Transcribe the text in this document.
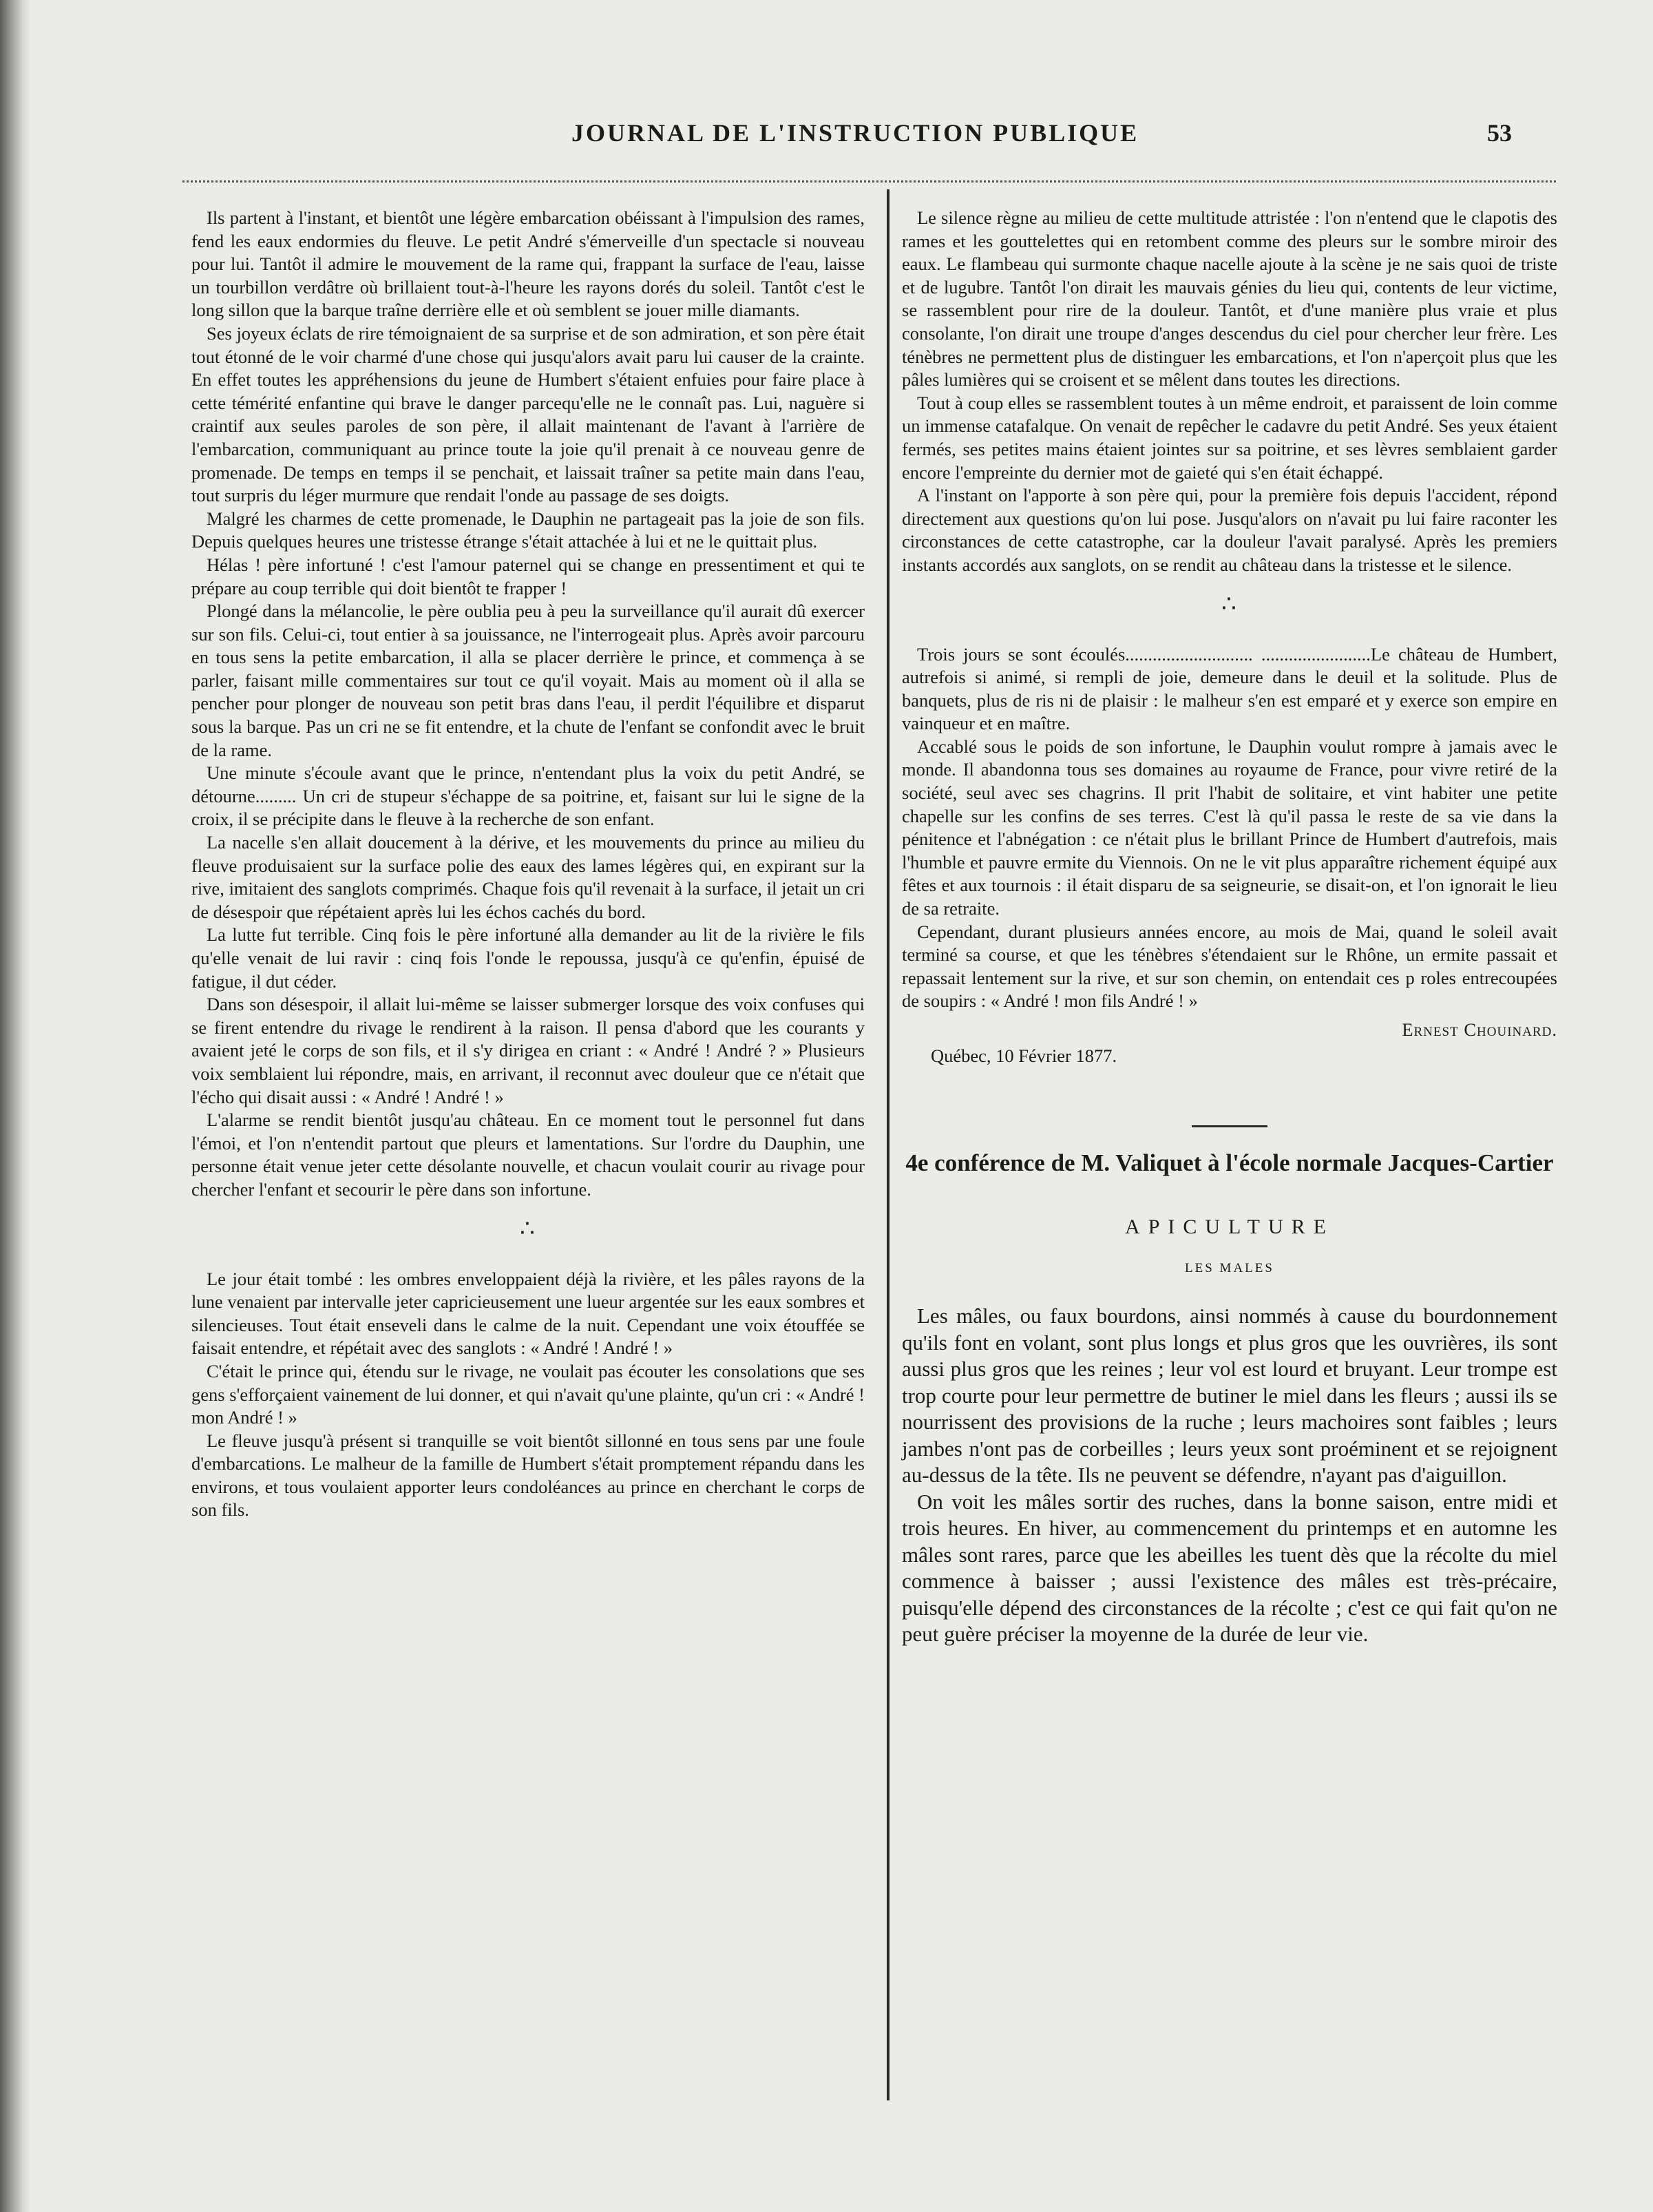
JOURNAL DE L'INSTRUCTION PUBLIQUE	53

Ils partent à l'instant, et bientôt une légère embarcation obéissant à l'impulsion des rames, fend les eaux endormies du fleuve. Le petit André s'émerveille d'un spectacle si nouveau pour lui. Tantôt il admire le mouvement de la rame qui, frappant la surface de l'eau, laisse un tourbillon verdâtre où brillaient tout-à-l'heure les rayons dorés du soleil. Tantôt c'est le long sillon que la barque traîne derrière elle et où semblent se jouer mille diamants.

Ses joyeux éclats de rire témoignaient de sa surprise et de son admiration, et son père était tout étonné de le voir charmé d'une chose qui jusqu'alors avait paru lui causer de la crainte. En effet toutes les appréhensions du jeune de Humbert s'étaient enfuies pour faire place à cette témérité enfantine qui brave le danger parcequ'elle ne le connaît pas. Lui, naguère si craintif aux seules paroles de son père, il allait maintenant de l'avant à l'arrière de l'embarcation, communiquant au prince toute la joie qu'il prenait à ce nouveau genre de promenade. De temps en temps il se penchait, et laissait traîner sa petite main dans l'eau, tout surpris du léger murmure que rendait l'onde au passage de ses doigts.

Malgré les charmes de cette promenade, le Dauphin ne partageait pas la joie de son fils. Depuis quelques heures une tristesse étrange s'était attachée à lui et ne le quittait plus.

Hélas ! père infortuné ! c'est l'amour paternel qui se change en pressentiment et qui te prépare au coup terrible qui doit bientôt te frapper !

Plongé dans la mélancolie, le père oublia peu à peu la surveillance qu'il aurait dû exercer sur son fils. Celui-ci, tout entier à sa jouissance, ne l'interrogeait plus. Après avoir parcouru en tous sens la petite embarcation, il alla se placer derrière le prince, et commença à se parler, faisant mille commentaires sur tout ce qu'il voyait. Mais au moment où il alla se pencher pour plonger de nouveau son petit bras dans l'eau, il perdit l'équilibre et disparut sous la barque. Pas un cri ne se fit entendre, et la chute de l'enfant se confondit avec le bruit de la rame.

Une minute s'écoule avant que le prince, n'entendant plus la voix du petit André, se détourne......... Un cri de stupeur s'échappe de sa poitrine, et, faisant sur lui le signe de la croix, il se précipite dans le fleuve à la recherche de son enfant.

La nacelle s'en allait doucement à la dérive, et les mouvements du prince au milieu du fleuve produisaient sur la surface polie des eaux des lames légères qui, en expirant sur la rive, imitaient des sanglots comprimés. Chaque fois qu'il revenait à la surface, il jetait un cri de désespoir que répétaient après lui les échos cachés du bord.

La lutte fut terrible. Cinq fois le père infortuné alla demander au lit de la rivière le fils qu'elle venait de lui ravir : cinq fois l'onde le repoussa, jusqu'à ce qu'enfin, épuisé de fatigue, il dut céder.

Dans son désespoir, il allait lui-même se laisser submerger lorsque des voix confuses qui se firent entendre du rivage le rendirent à la raison. Il pensa d'abord que les courants y avaient jeté le corps de son fils, et il s'y dirigea en criant : « André ! André ? » Plusieurs voix semblaient lui répondre, mais, en arrivant, il reconnut avec douleur que ce n'était que l'écho qui disait aussi : « André ! André ! »

L'alarme se rendit bientôt jusqu'au château. En ce moment tout le personnel fut dans l'émoi, et l'on n'entendit partout que pleurs et lamentations. Sur l'ordre du Dauphin, une personne était venue jeter cette désolante nouvelle, et chacun voulait courir au rivage pour chercher l'enfant et secourir le père dans son infortune.

∴

Le jour était tombé : les ombres enveloppaient déjà la rivière, et les pâles rayons de la lune venaient par intervalle jeter capricieusement une lueur argentée sur les eaux sombres et silencieuses. Tout était enseveli dans le calme de la nuit. Cependant une voix étouffée se faisait entendre, et répétait avec des sanglots : « André ! André ! »

C'était le prince qui, étendu sur le rivage, ne voulait pas écouter les consolations que ses gens s'efforçaient vainement de lui donner, et qui n'avait qu'une plainte, qu'un cri : « André ! mon André ! »

Le fleuve jusqu'à présent si tranquille se voit bientôt sillonné en tous sens par une foule d'embarcations. Le malheur de la famille de Humbert s'était promptement répandu dans les environs, et tous voulaient apporter leurs condoléances au prince en cherchant le corps de son fils.

Le silence règne au milieu de cette multitude attristée : l'on n'entend que le clapotis des rames et les gouttelettes qui en retombent comme des pleurs sur le sombre miroir des eaux. Le flambeau qui surmonte chaque nacelle ajoute à la scène je ne sais quoi de triste et de lugubre. Tantôt l'on dirait les mauvais génies du lieu qui, contents de leur victime, se rassemblent pour rire de la douleur. Tantôt, et d'une manière plus vraie et plus consolante, l'on dirait une troupe d'anges descendus du ciel pour chercher leur frère. Les ténèbres ne permettent plus de distinguer les embarcations, et l'on n'aperçoit plus que les pâles lumières qui se croisent et se mêlent dans toutes les directions.

Tout à coup elles se rassemblent toutes à un même endroit, et paraissent de loin comme un immense catafalque. On venait de repêcher le cadavre du petit André. Ses yeux étaient fermés, ses petites mains étaient jointes sur sa poitrine, et ses lèvres semblaient garder encore l'empreinte du dernier mot de gaieté qui s'en était échappé.

A l'instant on l'apporte à son père qui, pour la première fois depuis l'accident, répond directement aux questions qu'on lui pose. Jusqu'alors on n'avait pu lui faire raconter les circonstances de cette catastrophe, car la douleur l'avait paralysé. Après les premiers instants accordés aux sanglots, on se rendit au château dans la tristesse et le silence.

∴

Trois jours se sont écoulés............................ ........................Le château de Humbert, autrefois si animé, si rempli de joie, demeure dans le deuil et la solitude. Plus de banquets, plus de ris ni de plaisir : le malheur s'en est emparé et y exerce son empire en vainqueur et en maître.

Accablé sous le poids de son infortune, le Dauphin voulut rompre à jamais avec le monde. Il abandonna tous ses domaines au royaume de France, pour vivre retiré de la société, seul avec ses chagrins. Il prit l'habit de solitaire, et vint habiter une petite chapelle sur les confins de ses terres. C'est là qu'il passa le reste de sa vie dans la pénitence et l'abnégation : ce n'était plus le brillant Prince de Humbert d'autrefois, mais l'humble et pauvre ermite du Viennois. On ne le vit plus apparaître richement équipé aux fêtes et aux tournois : il était disparu de sa seigneurie, se disait-on, et l'on ignorait le lieu de sa retraite.

Cependant, durant plusieurs années encore, au mois de Mai, quand le soleil avait terminé sa course, et que les ténèbres s'étendaient sur le Rhône, un ermite passait et repassait lentement sur la rive, et sur son chemin, on entendait ces p roles entrecoupées de soupirs : « André ! mon fils André ! »

Ernest Chouinard.
Québec, 10 Février 1877.
4e conférence de M. Valiquet à l'école normale Jacques-Cartier
APICULTURE
LES MALES

Les mâles, ou faux bourdons, ainsi nommés à cause du bourdonnement qu'ils font en volant, sont plus longs et plus gros que les ouvrières, ils sont aussi plus gros que les reines ; leur vol est lourd et bruyant. Leur trompe est trop courte pour leur permettre de butiner le miel dans les fleurs ; aussi ils se nourrissent des provisions de la ruche ; leurs machoires sont faibles ; leurs jambes n'ont pas de corbeilles ; leurs yeux sont proéminent et se rejoignent au-dessus de la tête. Ils ne peuvent se défendre, n'ayant pas d'aiguillon.

On voit les mâles sortir des ruches, dans la bonne saison, entre midi et trois heures. En hiver, au commencement du printemps et en automne les mâles sont rares, parce que les abeilles les tuent dès que la récolte du miel commence à baisser ; aussi l'existence des mâles est très-précaire, puisqu'elle dépend des circonstances de la récolte ; c'est ce qui fait qu'on ne peut guère préciser la moyenne de la durée de leur vie.
